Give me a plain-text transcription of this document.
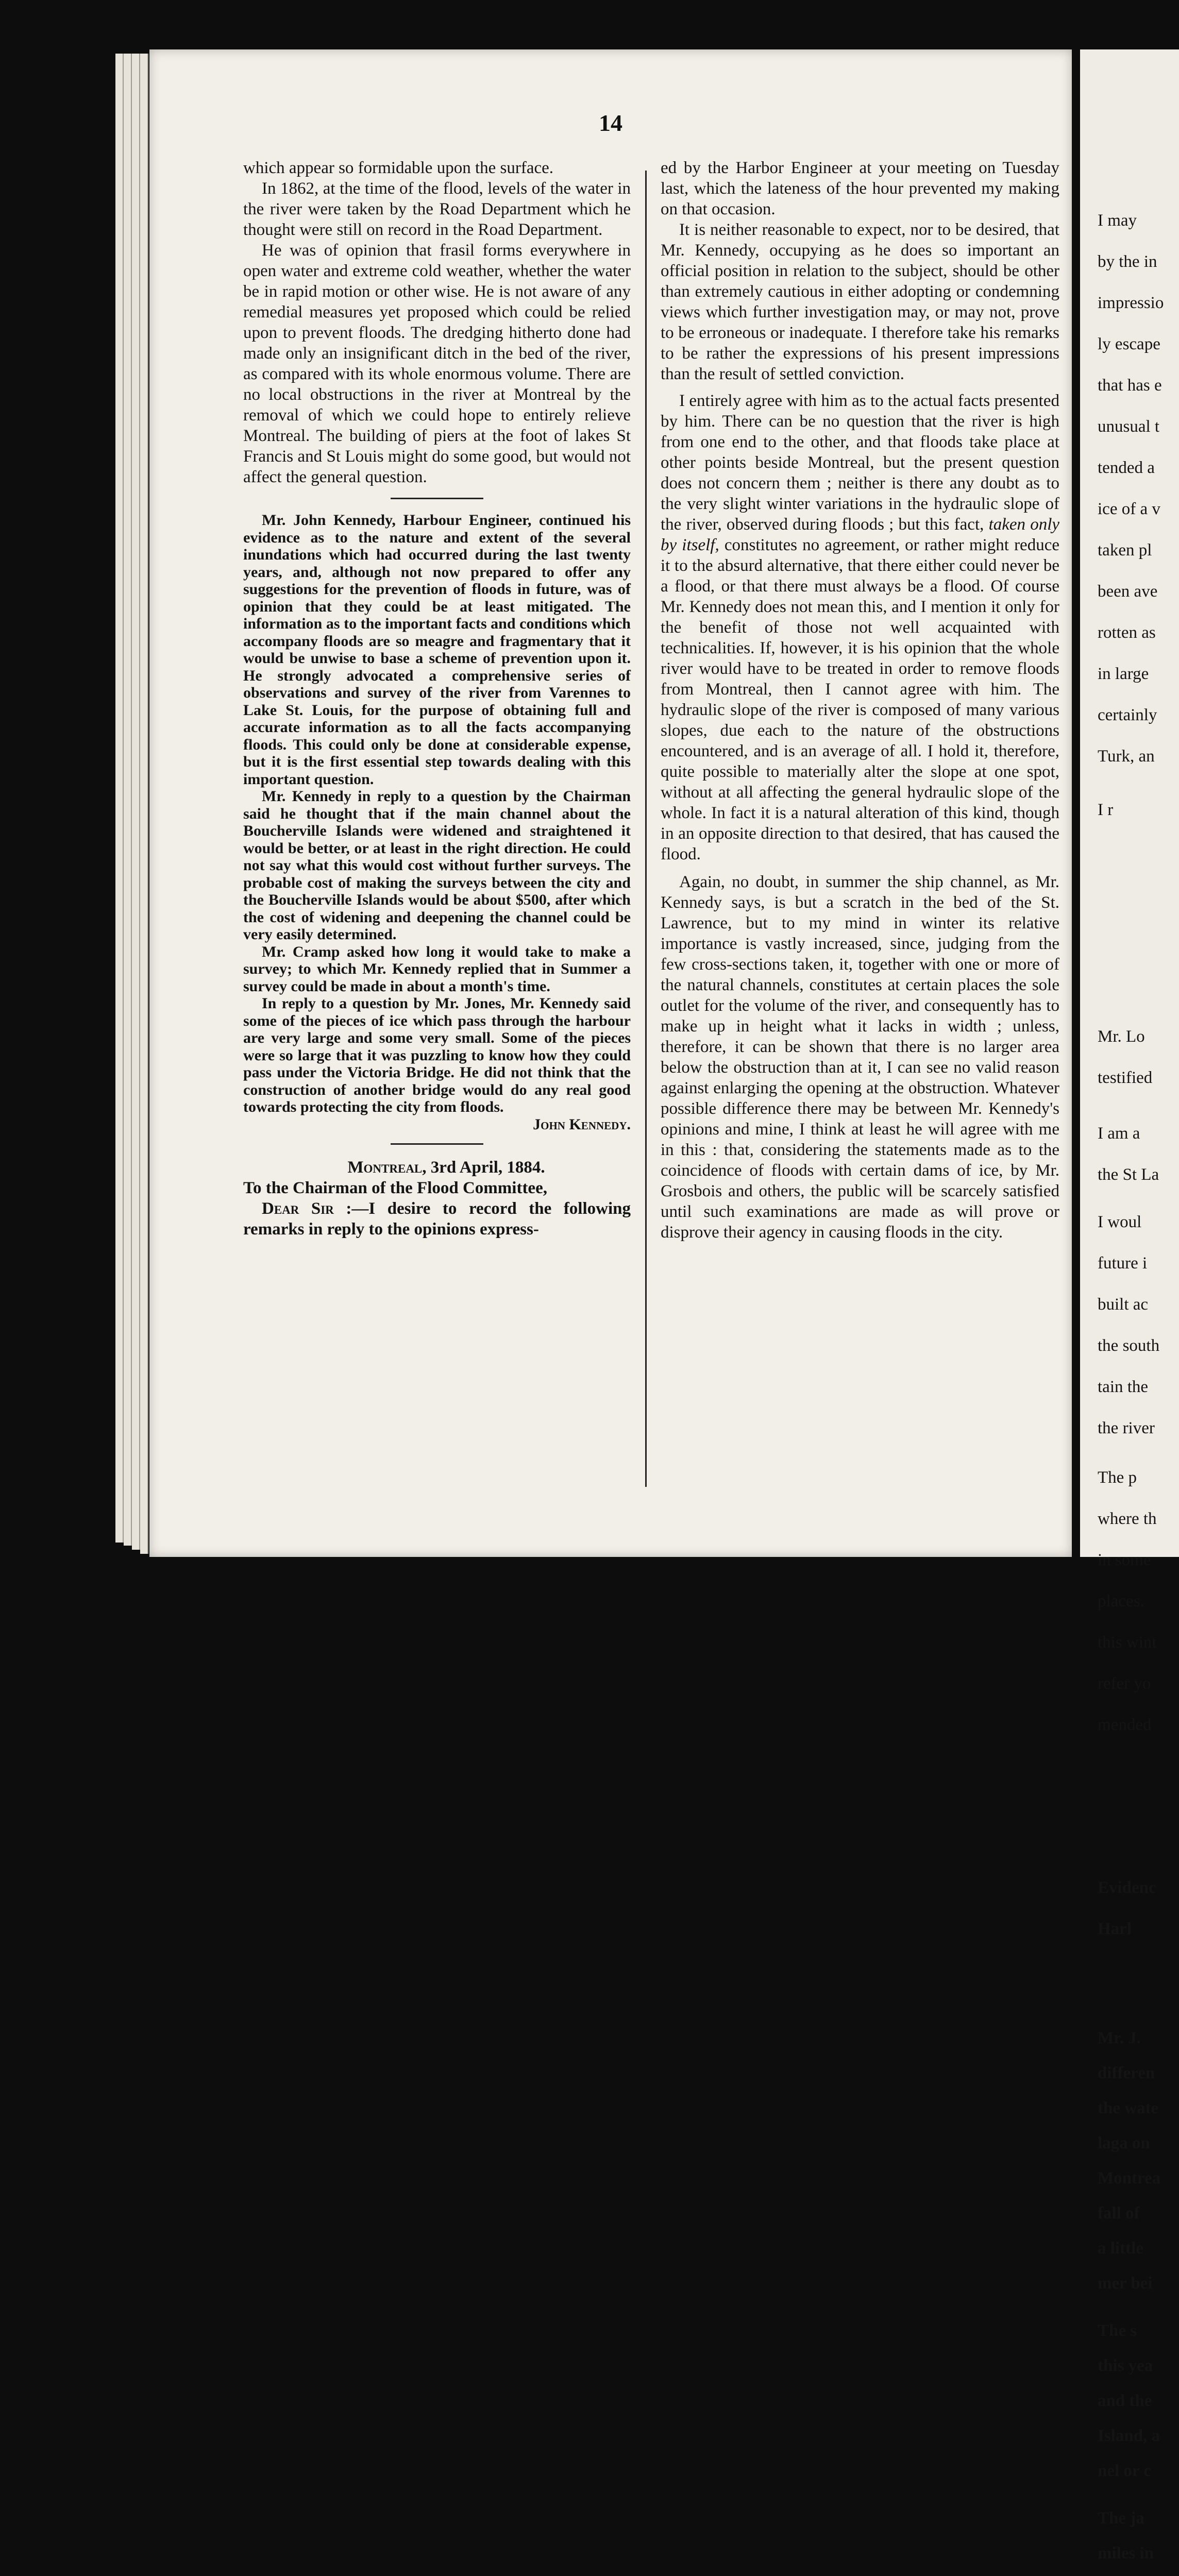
14

which appear so formidable upon the surface.

In 1862, at the time of the flood, levels of the water in the river were taken by the Road Department which he thought were still on record in the Road Department.

He was of opinion that frasil forms everywhere in open water and extreme cold weather, whether the water be in rapid motion or other wise. He is not aware of any remedial measures yet proposed which could be relied upon to prevent floods. The dredging hitherto done had made only an insignificant ditch in the bed of the river, as compared with its whole enormous volume. There are no local obstructions in the river at Montreal by the removal of which we could hope to entirely relieve Montreal. The building of piers at the foot of lakes St Francis and St Louis might do some good, but would not affect the general question.

Mr. John Kennedy, Harbour Engineer, continued his evidence as to the nature and extent of the several inundations which had occurred during the last twenty years, and, although not now prepared to offer any suggestions for the prevention of floods in future, was of opinion that they could be at least mitigated. The information as to the important facts and conditions which accompany floods are so meagre and fragmentary that it would be unwise to base a scheme of prevention upon it. He strongly advocated a comprehensive series of observations and survey of the river from Varennes to Lake St. Louis, for the purpose of obtaining full and accurate information as to all the facts accompanying floods. This could only be done at considerable expense, but it is the first essential step towards dealing with this important question.

Mr. Kennedy in reply to a question by the Chairman said he thought that if the main channel about the Boucherville Islands were widened and straightened it would be better, or at least in the right direction. He could not say what this would cost without further surveys. The probable cost of making the surveys between the city and the Boucherville Islands would be about $500, after which the cost of widening and deepening the channel could be very easily determined.

Mr. Cramp asked how long it would take to make a survey; to which Mr. Kennedy replied that in Summer a survey could be made in about a month's time.

In reply to a question by Mr. Jones, Mr. Kennedy said some of the pieces of ice which pass through the harbour are very large and some very small. Some of the pieces were so large that it was puzzling to know how they could pass under the Victoria Bridge. He did not think that the construction of another bridge would do any real good towards protecting the city from floods.

John Kennedy.

Montreal, 3rd April, 1884.

To the Chairman of the Flood Committee,

Dear Sir :—I desire to record the following remarks in reply to the opinions express-

ed by the Harbor Engineer at your meeting on Tuesday last, which the lateness of the hour prevented my making on that occasion.

It is neither reasonable to expect, nor to be desired, that Mr. Kennedy, occupying as he does so important an official position in relation to the subject, should be other than extremely cautious in either adopting or condemning views which further investigation may, or may not, prove to be erroneous or inadequate. I therefore take his remarks to be rather the expressions of his present impressions than the result of settled conviction.

I entirely agree with him as to the actual facts presented by him. There can be no question that the river is high from one end to the other, and that floods take place at other points beside Montreal, but the present question does not concern them ; neither is there any doubt as to the very slight winter variations in the hydraulic slope of the river, observed during floods ; but this fact, taken only by itself, constitutes no agreement, or rather might reduce it to the absurd alternative, that there either could never be a flood, or that there must always be a flood. Of course Mr. Kennedy does not mean this, and I mention it only for the benefit of those not well acquainted with technicalities. If, however, it is his opinion that the whole river would have to be treated in order to remove floods from Montreal, then I cannot agree with him. The hydraulic slope of the river is composed of many various slopes, due each to the nature of the obstructions encountered, and is an average of all. I hold it, therefore, quite possible to materially alter the slope at one spot, without at all affecting the general hydraulic slope of the whole. In fact it is a natural alteration of this kind, though in an opposite direction to that desired, that has caused the flood.

Again, no doubt, in summer the ship channel, as Mr. Kennedy says, is but a scratch in the bed of the St. Lawrence, but to my mind in winter its relative importance is vastly increased, since, judging from the few cross-sections taken, it, together with one or more of the natural channels, constitutes at certain places the sole outlet for the volume of the river, and consequently has to make up in height what it lacks in width ; unless, therefore, it can be shown that there is no larger area below the obstruction than at it, I can see no valid reason against enlarging the opening at the obstruction. Whatever possible difference there may be between Mr. Kennedy's opinions and mine, I think at least he will agree with me in this : that, considering the statements made as to the coincidence of floods with certain dams of ice, by Mr. Grosbois and others, the public will be scarcely satisfied until such examinations are made as will prove or disprove their agency in causing floods in the city.

I may
by the in
impressio
ly escape
that has e
unusual t
tended a
ice of a v
taken pl
been ave
rotten as
in large
certainly
Turk, an
I r
Mr. Lo
testified
I am a
the St La
I woul
future i
built ac
the south
tain the
the river
The p
where th
in some
places.
this wint
refer yo
mended
Evidenc
Harl
Mr. J.
differen
the wate
laga on
Montrea
fall of
a little
mer bei
The s
this yea
and the
Island, a
nel or c
The ja
miles in
